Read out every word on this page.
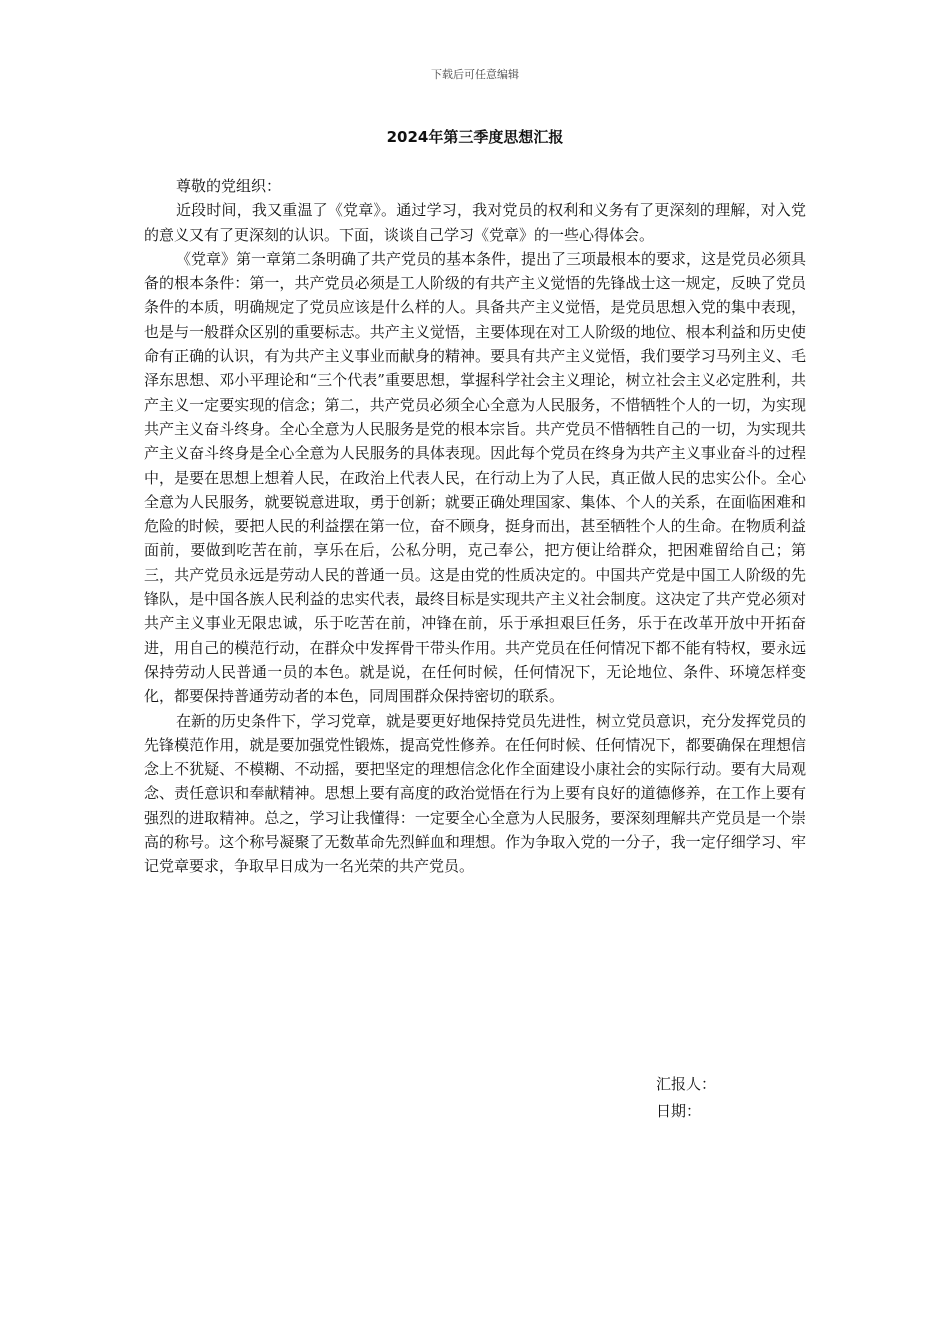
下载后可任意编辑
2024年第三季度思想汇报

尊敬的党组织：

近段时间，我又重温了《党章》。通过学习，我对党员的权利和义务有了更深刻的理解，对入党的意义又有了更深刻的认识。下面，谈谈自己学习《党章》的一些心得体会。

《党章》第一章第二条明确了共产党员的基本条件，提出了三项最根本的要求，这是党员必须具备的根本条件：第一，共产党员必须是工人阶级的有共产主义觉悟的先锋战士这一规定，反映了党员条件的本质，明确规定了党员应该是什么样的人。具备共产主义觉悟，是党员思想入党的集中表现，也是与一般群众区别的重要标志。共产主义觉悟，主要体现在对工人阶级的地位、根本利益和历史使命有正确的认识，有为共产主义事业而献身的精神。要具有共产主义觉悟，我们要学习马列主义、毛泽东思想、邓小平理论和“三个代表”重要思想，掌握科学社会主义理论，树立社会主义必定胜利，共产主义一定要实现的信念；第二，共产党员必须全心全意为人民服务，不惜牺牲个人的一切，为实现共产主义奋斗终身。全心全意为人民服务是党的根本宗旨。共产党员不惜牺牲自己的一切，为实现共产主义奋斗终身是全心全意为人民服务的具体表现。因此每个党员在终身为共产主义事业奋斗的过程中，是要在思想上想着人民，在政治上代表人民，在行动上为了人民，真正做人民的忠实公仆。全心全意为人民服务，就要锐意进取，勇于创新；就要正确处理国家、集体、个人的关系，在面临困难和危险的时候，要把人民的利益摆在第一位，奋不顾身，挺身而出，甚至牺牲个人的生命。在物质利益面前，要做到吃苦在前，享乐在后，公私分明，克己奉公，把方便让给群众，把困难留给自己；第三，共产党员永远是劳动人民的普通一员。这是由党的性质决定的。中国共产党是中国工人阶级的先锋队，是中国各族人民利益的忠实代表，最终目标是实现共产主义社会制度。这决定了共产党必须对共产主义事业无限忠诚，乐于吃苦在前，冲锋在前，乐于承担艰巨任务，乐于在改革开放中开拓奋进，用自己的模范行动，在群众中发挥骨干带头作用。共产党员在任何情况下都不能有特权，要永远保持劳动人民普通一员的本色。就是说，在任何时候，任何情况下，无论地位、条件、环境怎样变化，都要保持普通劳动者的本色，同周围群众保持密切的联系。

在新的历史条件下，学习党章，就是要更好地保持党员先进性，树立党员意识，充分发挥党员的先锋模范作用，就是要加强党性锻炼，提高党性修养。在任何时候、任何情况下，都要确保在理想信念上不犹疑、不模糊、不动摇，要把坚定的理想信念化作全面建设小康社会的实际行动。要有大局观念、责任意识和奉献精神。思想上要有高度的政治觉悟在行为上要有良好的道德修养，在工作上要有强烈的进取精神。总之，学习让我懂得：一定要全心全意为人民服务，要深刻理解共产党员是一个崇高的称号。这个称号凝聚了无数革命先烈鲜血和理想。作为争取入党的一分子，我一定仔细学习、牢记党章要求，争取早日成为一名光荣的共产党员。

汇报人：
日期：
